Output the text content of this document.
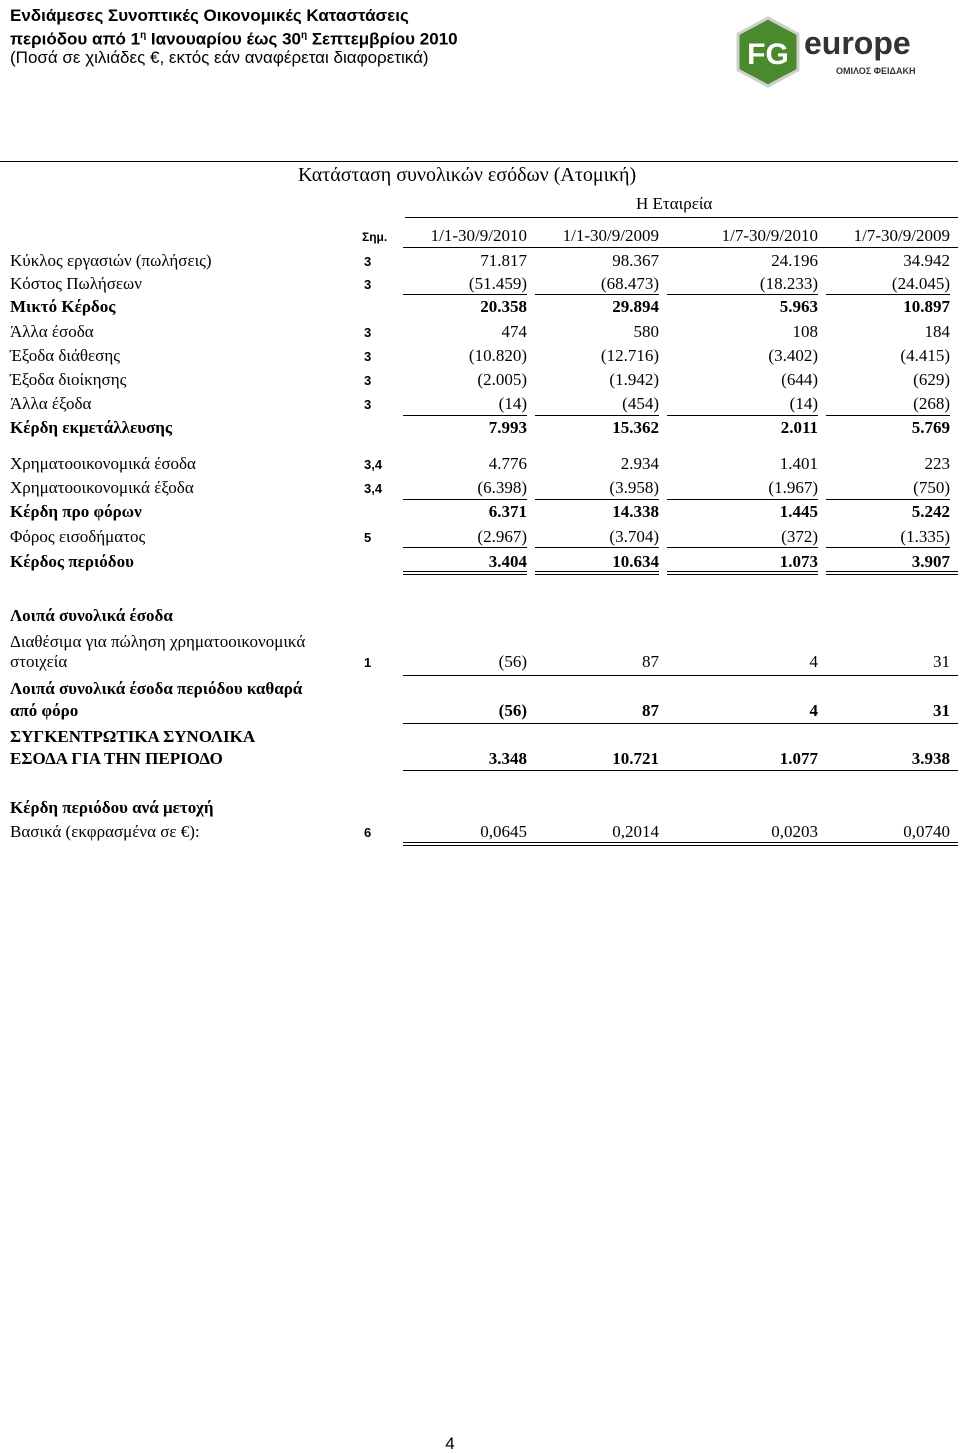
Ενδιάμεσες Συνοπτικές Οικονομικές Καταστάσεις
περιόδου από $1^\eta$ Ιανουαρίου έως $30^\eta$ Σεπτεμβρίου 2010
(Ποσά σε χιλιάδες €, εκτός εάν αναφέρεται διαφορετικά)	FG europe
ΟΜΙΛΟΣ ΦΕΙΔΑΚΗ
Κατάσταση συνολικών εσόδων (Ατομική)
Η Εταιρεία
Σημ.	1/1-30/9/2010	1/1-30/9/2009	1/7-30/9/2010	1/7-30/9/2009
Κύκλος εργασιών (πωλήσεις)	3	71.817	98.367	24.196	34.942
Κόστος Πωλήσεων	3	(51.459)	(68.473)	(18.233)	(24.045)
Μικτό Κέρδος	20.358	29.894	5.963	10.897
Άλλα έσοδα	3	474	580	108	184
Έξοδα διάθεσης	3	(10.820)	(12.716)	(3.402)	(4.415)
Έξοδα διοίκησης	3	(2.005)	(1.942)	(644)	(629)
Άλλα έξοδα	3	(14)	(454)	(14)	(268)
Κέρδη εκμετάλλευσης	7.993	15.362	2.011	5.769
Χρηματοοικονομικά έσοδα	3,4	4.776	2.934	1.401	223
Χρηματοοικονομικά έξοδα	3,4	(6.398)	(3.958)	(1.967)	(750)
Κέρδη προ φόρων	6.371	14.338	1.445	5.242
Φόρος εισοδήματος	5	(2.967)	(3.704)	(372)	(1.335)
Κέρδος περιόδου	3.404	10.634	1.073	3.907
Λοιπά συνολικά έσοδα
Διαθέσιμα για πώληση χρηματοοικονομικά
στοιχεία	1	(56)	87	4	31
Λοιπά συνολικά έσοδα περιόδου καθαρά
από φόρο	(56)	87	4	31
ΣΥΓΚΕΝΤΡΩΤΙΚΑ ΣΥΝΟΛΙΚΑ
ΕΣΟΔΑ ΓΙΑ ΤΗΝ ΠΕΡΙΟΔΟ	3.348	10.721	1.077	3.938
Κέρδη περιόδου ανά μετοχή
Βασικά (εκφρασμένα σε €):	6	0,0645	0,2014	0,0203	0,0740
4
